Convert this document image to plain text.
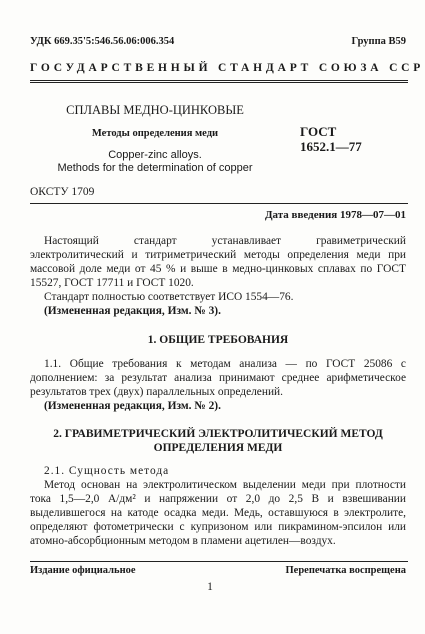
УДК 669.35'5:546.56.06:006.354	Группа B59
ГОСУДАРСТВЕННЫЙ СТАНДАРТ СОЮЗА ССР
СПЛАВЫ МЕДНО-ЦИНКОВЫЕ
Методы определения меди	ГОСТ
1652.1—77
Copper-zinc alloys.
Methods for the determination of copper
ОКСТУ 1709
Дата введения 1978—07—01
Настоящий стандарт устанавливает гравиметрический электролитический и титриметрический методы определения меди при массовой доле меди от 45 % и выше в медно-цинковых сплавах по ГОСТ 15527, ГОСТ 17711 и ГОСТ 1020.
Стандарт полностью соответствует ИСО 1554—76.
(Измененная редакция, Изм. № 3).
1. ОБЩИЕ ТРЕБОВАНИЯ
1.1. Общие требования к методам анализа — по ГОСТ 25086 с дополнением: за результат анализа принимают среднее арифметическое результатов трех (двух) параллельных определений.
(Измененная редакция, Изм. № 2).
2. ГРАВИМЕТРИЧЕСКИЙ ЭЛЕКТРОЛИТИЧЕСКИЙ МЕТОД
ОПРЕДЕЛЕНИЯ МЕДИ
2.1. Сущность метода
Метод основан на электролитическом выделении меди при плотности тока 1,5—2,0 А/дм² и напряжении от 2,0 до 2,5 В и взвешивании выделившегося на катоде осадка меди. Медь, оставшуюся в электролите, определяют фотометрически с купризоном или пикрамином-эпсилон или атомно-абсорбционным методом в пламени ацетилен—воздух.
Издание официальное	Перепечатка воспрещена
1
